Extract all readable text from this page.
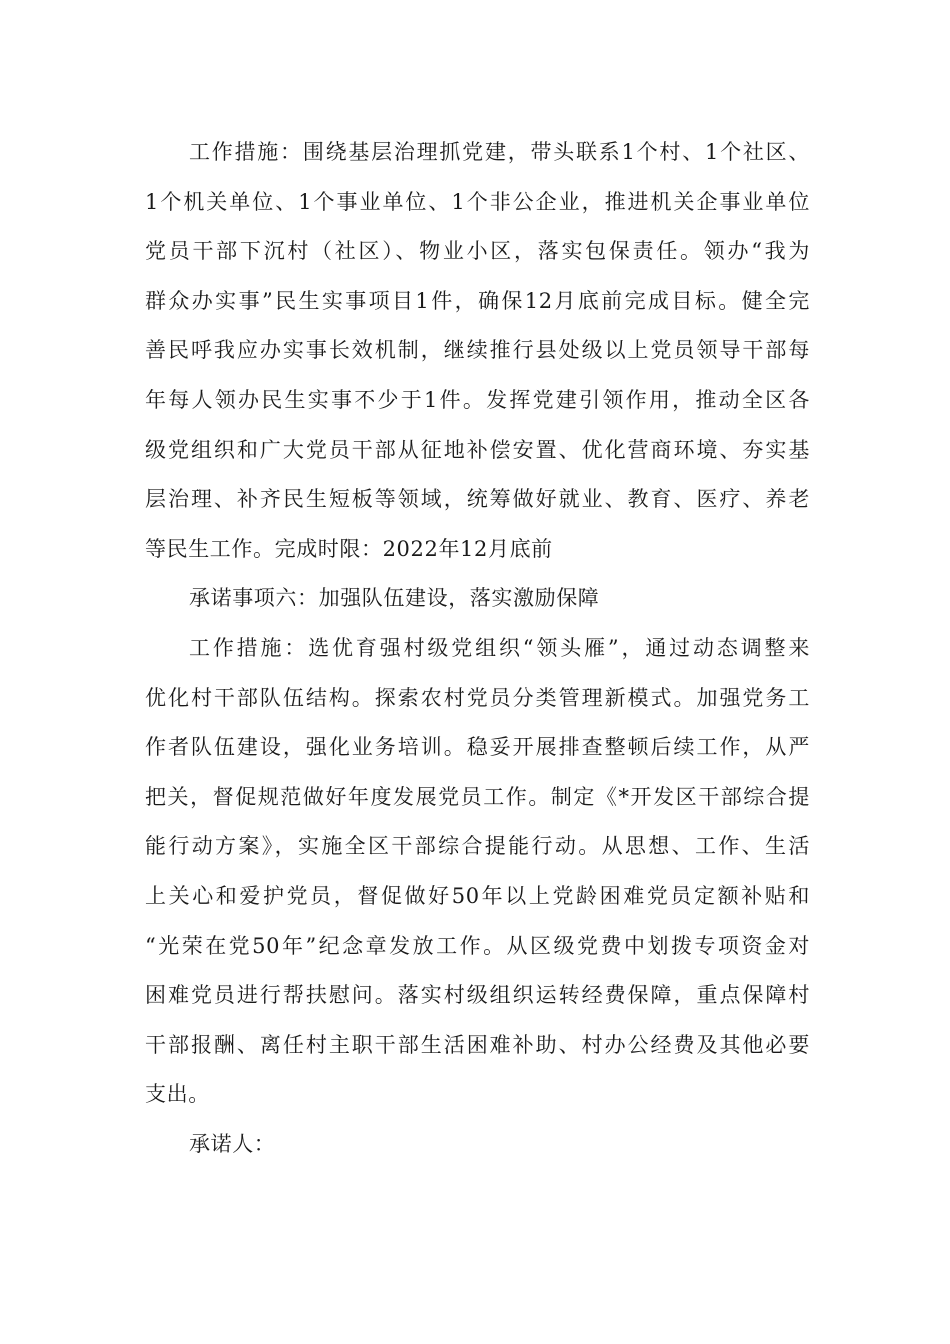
工作措施：围绕基层治理抓党建，带头联系1个村、1个社区、
1个机关单位、1个事业单位、1个非公企业，推进机关企事业单位
党员干部下沉村（社区）、物业小区，落实包保责任。领办“我为
群众办实事”民生实事项目1件，确保12月底前完成目标。健全完
善民呼我应办实事长效机制，继续推行县处级以上党员领导干部每
年每人领办民生实事不少于1件。发挥党建引领作用，推动全区各
级党组织和广大党员干部从征地补偿安置、优化营商环境、夯实基
层治理、补齐民生短板等领域，统筹做好就业、教育、医疗、养老
等民生工作。完成时限：2022年12月底前
承诺事项六：加强队伍建设，落实激励保障
工作措施：选优育强村级党组织“领头雁”，通过动态调整来
优化村干部队伍结构。探索农村党员分类管理新模式。加强党务工
作者队伍建设，强化业务培训。稳妥开展排查整顿后续工作，从严
把关，督促规范做好年度发展党员工作。制定《*开发区干部综合提
能行动方案》，实施全区干部综合提能行动。从思想、工作、生活
上关心和爱护党员，督促做好50年以上党龄困难党员定额补贴和
“光荣在党50年”纪念章发放工作。从区级党费中划拨专项资金对
困难党员进行帮扶慰问。落实村级组织运转经费保障，重点保障村
干部报酬、离任村主职干部生活困难补助、村办公经费及其他必要
支出。
承诺人：
